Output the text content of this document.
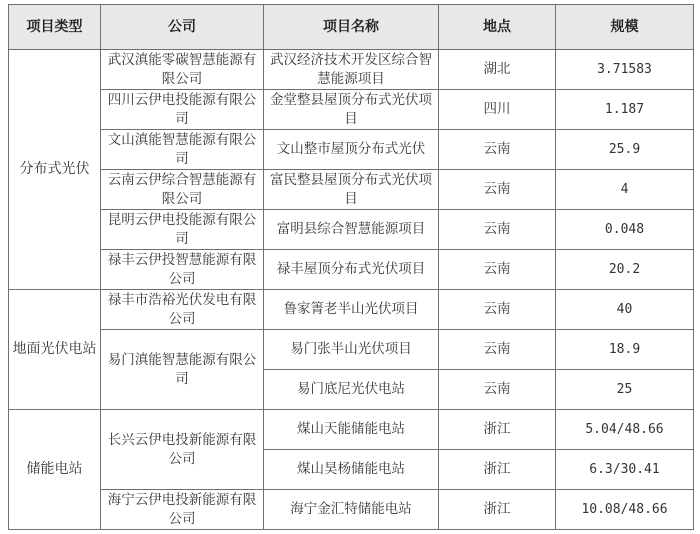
项目类型	公司	项目名称	地点	规模
分布式光伏	武汉滇能零碳智慧能源有限公司	武汉经济技术开发区综合智慧能源项目	湖北	3.71583
	四川云伊电投能源有限公司	金堂整县屋顶分布式光伏项目	四川	1.187
	文山滇能智慧能源有限公司	文山整市屋顶分布式光伏	云南	25.9
	云南云伊综合智慧能源有限公司	富民整县屋顶分布式光伏项目	云南	4
	昆明云伊电投能源有限公司	富明县综合智慧能源项目	云南	0.048
	禄丰云伊投智慧能源有限公司	禄丰屋顶分布式光伏项目	云南	20.2
地面光伏电站	禄丰市浩裕光伏发电有限公司	鲁家箐老半山光伏项目	云南	40
	易门滇能智慧能源有限公司	易门张半山光伏项目	云南	18.9
		易门底尼光伏电站	云南	25
储能电站	长兴云伊电投新能源有限公司	煤山天能储能电站	浙江	5.04/48.66
		煤山昊杨储能电站	浙江	6.3/30.41
	海宁云伊电投新能源有限公司	海宁金汇特储能电站	浙江	10.08/48.66
